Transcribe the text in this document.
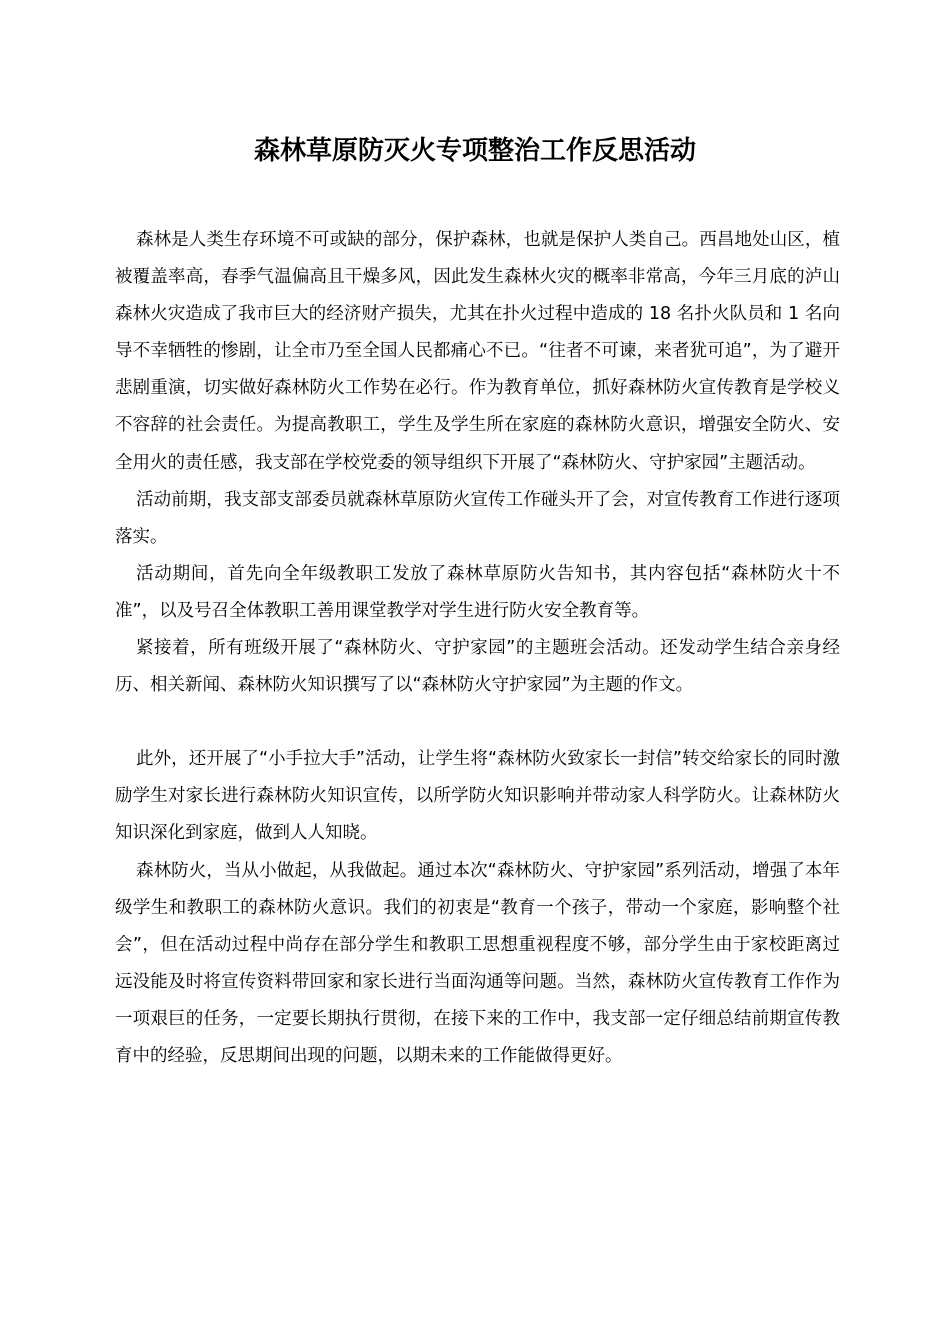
森林草原防灭火专项整治工作反思活动

森林是人类生存环境不可或缺的部分，保护森林，也就是保护人类自己。西昌地处山区，植被覆盖率高，春季气温偏高且干燥多风，因此发生森林火灾的概率非常高，今年三月底的泸山森林火灾造成了我市巨大的经济财产损失，尤其在扑火过程中造成的 18 名扑火队员和 1 名向导不幸牺牲的惨剧，让全市乃至全国人民都痛心不已。“往者不可谏，来者犹可追”，为了避开悲剧重演，切实做好森林防火工作势在必行。作为教育单位，抓好森林防火宣传教育是学校义不容辞的社会责任。为提高教职工，学生及学生所在家庭的森林防火意识，增强安全防火、安全用火的责任感，我支部在学校党委的领导组织下开展了“森林防火、守护家园”主题活动。

活动前期，我支部支部委员就森林草原防火宣传工作碰头开了会，对宣传教育工作进行逐项落实。

活动期间，首先向全年级教职工发放了森林草原防火告知书，其内容包括“森林防火十不准”，以及号召全体教职工善用课堂教学对学生进行防火安全教育等。

紧接着，所有班级开展了“森林防火、守护家园”的主题班会活动。还发动学生结合亲身经历、相关新闻、森林防火知识撰写了以“森林防火守护家园”为主题的作文。

此外，还开展了“小手拉大手”活动，让学生将“森林防火致家长一封信”转交给家长的同时激励学生对家长进行森林防火知识宣传，以所学防火知识影响并带动家人科学防火。让森林防火知识深化到家庭，做到人人知晓。

森林防火，当从小做起，从我做起。通过本次“森林防火、守护家园”系列活动，增强了本年级学生和教职工的森林防火意识。我们的初衷是“教育一个孩子，带动一个家庭，影响整个社会”，但在活动过程中尚存在部分学生和教职工思想重视程度不够，部分学生由于家校距离过远没能及时将宣传资料带回家和家长进行当面沟通等问题。当然，森林防火宣传教育工作作为一项艰巨的任务，一定要长期执行贯彻，在接下来的工作中，我支部一定仔细总结前期宣传教育中的经验，反思期间出现的问题，以期未来的工作能做得更好。
